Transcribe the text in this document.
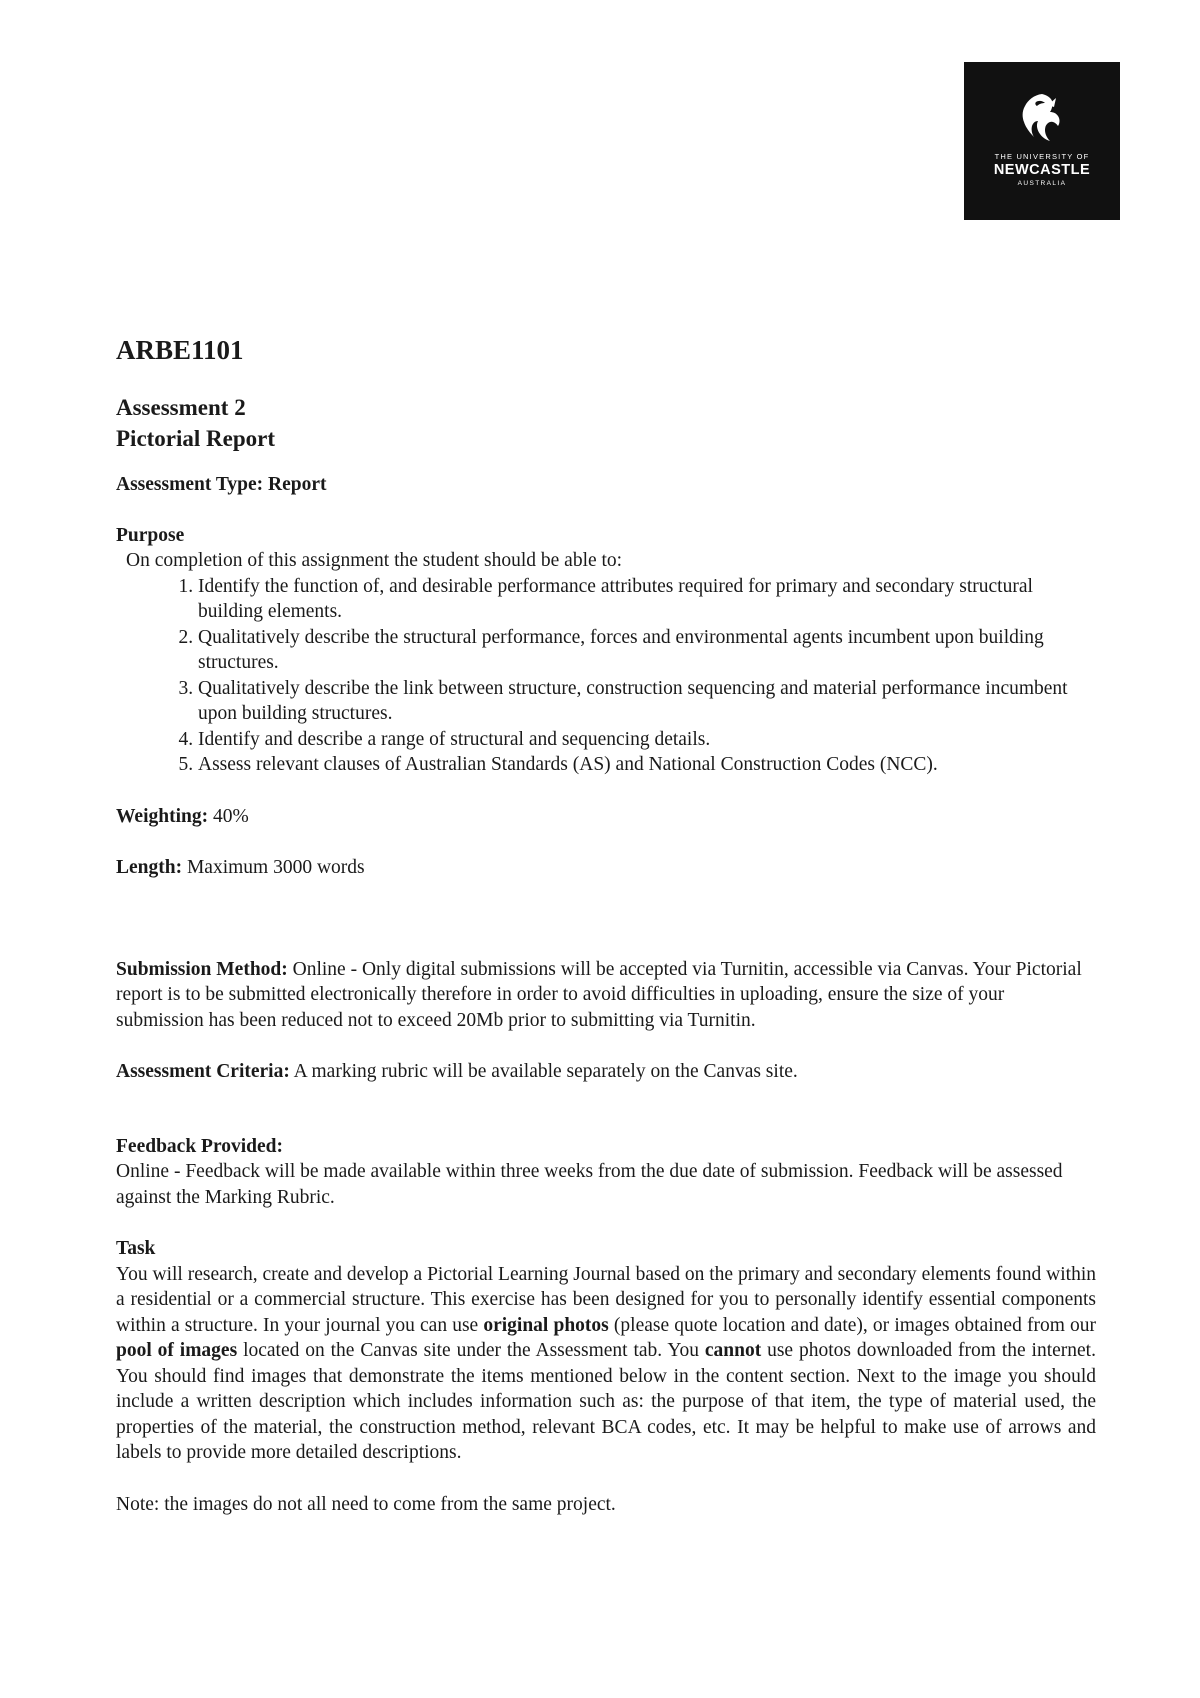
THE UNIVERSITY OF
NEWCASTLE
AUSTRALIA
ARBE1101
Assessment 2
Pictorial Report
Assessment Type: Report
Purpose
On completion of this assignment the student should be able to:
1. Identify the function of, and desirable performance attributes required for primary and secondary structural building elements.
2. Qualitatively describe the structural performance, forces and environmental agents incumbent upon building structures.
3. Qualitatively describe the link between structure, construction sequencing and material performance incumbent upon building structures.
4. Identify and describe a range of structural and sequencing details.
5. Assess relevant clauses of Australian Standards (AS) and National Construction Codes (NCC).
Weighting: 40%
Length: Maximum 3000 words
Submission Method: Online - Only digital submissions will be accepted via Turnitin, accessible via Canvas. Your Pictorial report is to be submitted electronically therefore in order to avoid difficulties in uploading, ensure the size of your submission has been reduced not to exceed 20Mb prior to submitting via Turnitin.
Assessment Criteria: A marking rubric will be available separately on the Canvas site.
Feedback Provided:
Online - Feedback will be made available within three weeks from the due date of submission. Feedback will be assessed against the Marking Rubric.
Task
You will research, create and develop a Pictorial Learning Journal based on the primary and secondary elements found within a residential or a commercial structure. This exercise has been designed for you to personally identify essential components within a structure. In your journal you can use original photos (please quote location and date), or images obtained from our pool of images located on the Canvas site under the Assessment tab. You cannot use photos downloaded from the internet. You should find images that demonstrate the items mentioned below in the content section. Next to the image you should include a written description which includes information such as: the purpose of that item, the type of material used, the properties of the material, the construction method, relevant BCA codes, etc. It may be helpful to make use of arrows and labels to provide more detailed descriptions.
Note: the images do not all need to come from the same project.
